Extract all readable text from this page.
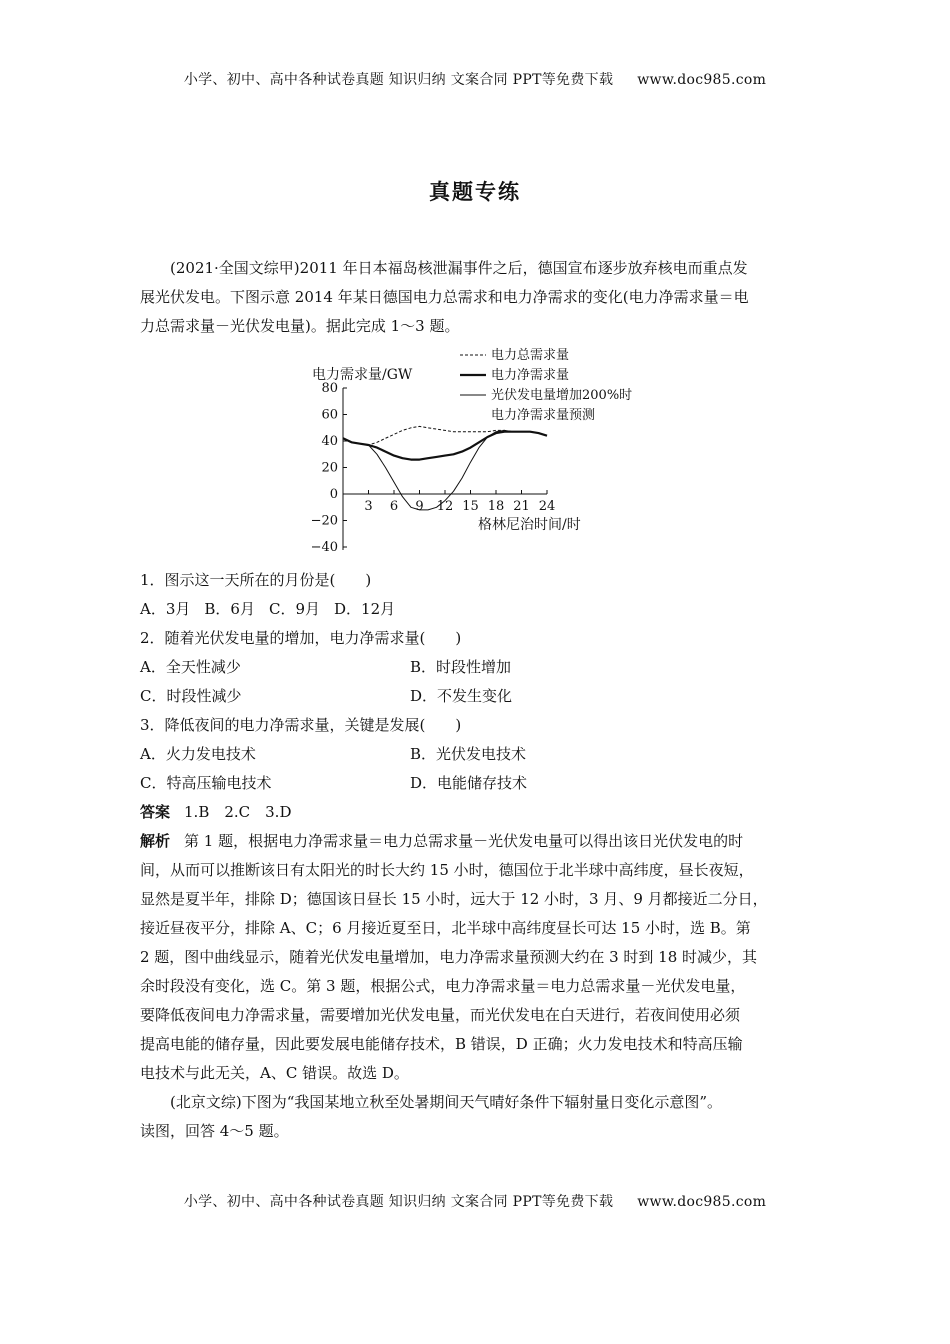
小学、初中、高中各种试卷真题 知识归纳 文案合同 PPT等免费下载 www.doc985.com
真题专练

(2021·全国文综甲)2011 年日本福岛核泄漏事件之后，德国宣布逐步放弃核电而重点发

展光伏发电。下图示意 2014 年某日德国电力总需求和电力净需求的变化(电力净需求量＝电

力总需求量－光伏发电量)。据此完成 1～3 题。

电力需求量/GW
80
60
40
20
0
−20
−40
3 6 9 12 15 18 21 24
格林尼治时间/时
电力总需求量
电力净需求量
光伏发电量增加200%时
电力净需求量预测

1．图示这一天所在的月份是(　　)

A．3月 B．6月 C．9月 D．12月

2．随着光伏发电量的增加，电力净需求量(　　)

A．全天性减少	B．时段性增加

C．时段性减少	D．不发生变化

3．降低夜间的电力净需求量，关键是发展(　　)

A．火力发电技术	B．光伏发电技术

C．特高压输电技术	D．电能储存技术

答案 1.B　2.C　3.D

解析 第 1 题，根据电力净需求量＝电力总需求量－光伏发电量可以得出该日光伏发电的时

间，从而可以推断该日有太阳光的时长大约 15 小时，德国位于北半球中高纬度，昼长夜短，

显然是夏半年，排除 D；德国该日昼长 15 小时，远大于 12 小时，3 月、9 月都接近二分日，

接近昼夜平分，排除 A、C；6 月接近夏至日，北半球中高纬度昼长可达 15 小时，选 B。第

2 题，图中曲线显示，随着光伏发电量增加，电力净需求量预测大约在 3 时到 18 时减少，其

余时段没有变化，选 C。第 3 题，根据公式，电力净需求量＝电力总需求量－光伏发电量，

要降低夜间电力净需求量，需要增加光伏发电量，而光伏发电在白天进行，若夜间使用必须

提高电能的储存量，因此要发展电能储存技术，B 错误，D 正确；火力发电技术和特高压输

电技术与此无关，A、C 错误。故选 D。

(北京文综)下图为“我国某地立秋至处暑期间天气晴好条件下辐射量日变化示意图”。

读图，回答 4～5 题。

小学、初中、高中各种试卷真题 知识归纳 文案合同 PPT等免费下载 www.doc985.com
